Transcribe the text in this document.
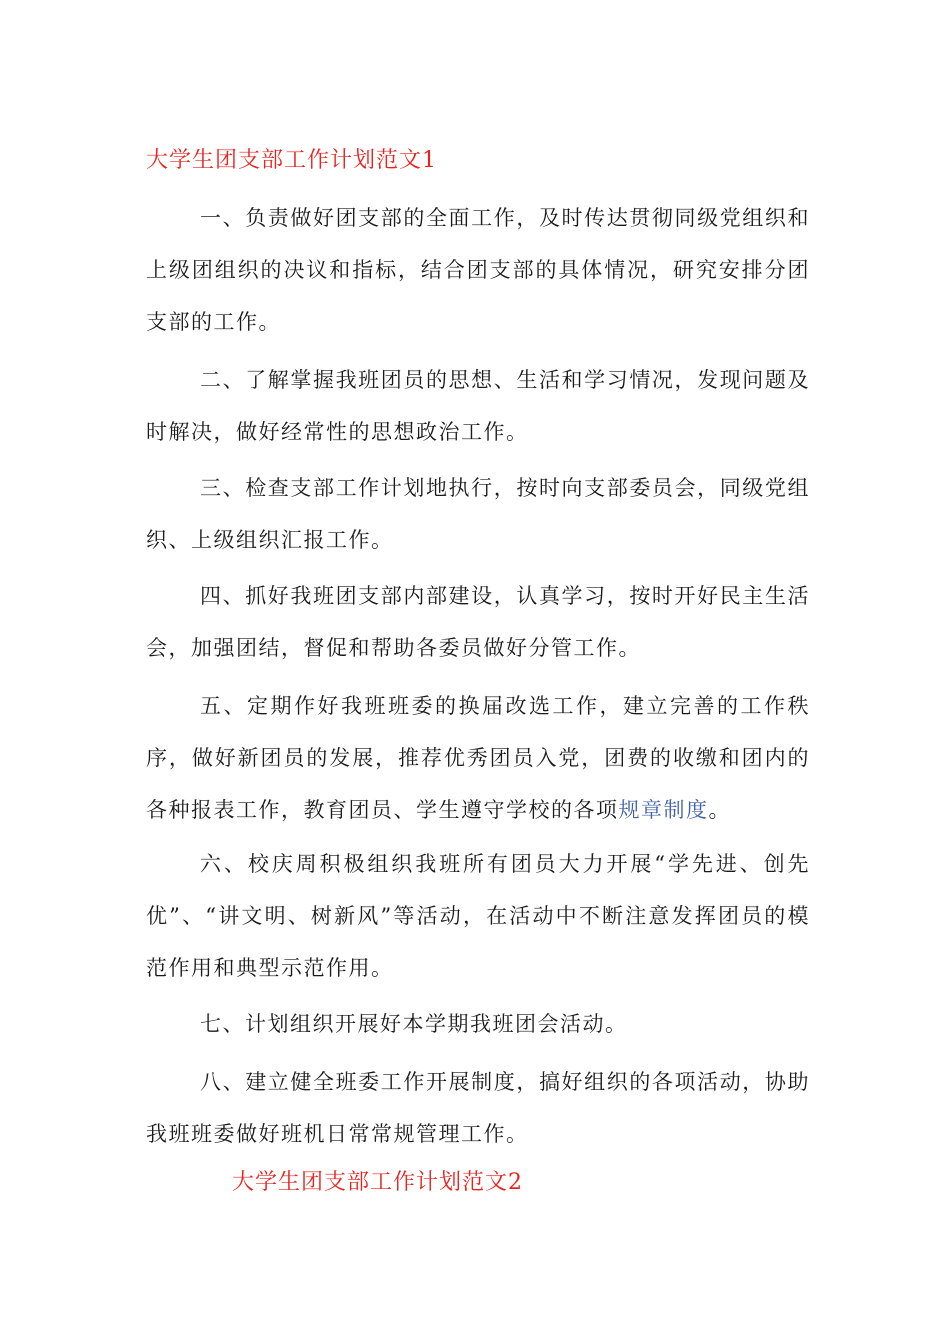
大学生团支部工作计划范文1

一、负责做好团支部的全面工作，及时传达贯彻同级党组织和上级团组织的决议和指标，结合团支部的具体情况，研究安排分团支部的工作。

二、了解掌握我班团员的思想、生活和学习情况，发现问题及时解决，做好经常性的思想政治工作。

三、检查支部工作计划地执行，按时向支部委员会，同级党组织、上级组织汇报工作。

四、抓好我班团支部内部建设，认真学习，按时开好民主生活会，加强团结，督促和帮助各委员做好分管工作。

五、定期作好我班班委的换届改选工作，建立完善的工作秩序，做好新团员的发展，推荐优秀团员入党，团费的收缴和团内的各种报表工作，教育团员、学生遵守学校的各项规章制度。

六、校庆周积极组织我班所有团员大力开展“学先进、创先优”、“讲文明、树新风”等活动，在活动中不断注意发挥团员的模范作用和典型示范作用。

七、计划组织开展好本学期我班团会活动。

八、建立健全班委工作开展制度，搞好组织的各项活动，协助我班班委做好班机日常常规管理工作。

大学生团支部工作计划范文2
